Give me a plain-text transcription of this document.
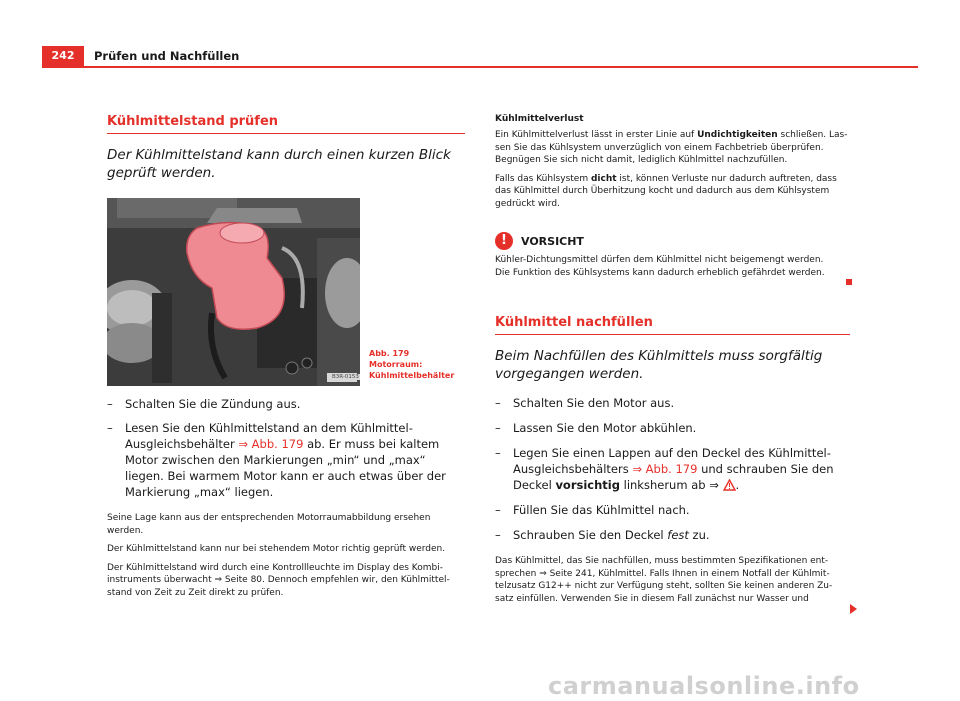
242	Prüfen und Nachfüllen
Kühlmittelstand prüfen

Der Kühlmittelstand kann durch einen kurzen Blick geprüft werden.

Abb. 179 Motorraum:
Kühlmittelbehälter
B3R-0153

– Schalten Sie die Zündung aus.

– Lesen Sie den Kühlmittelstand an dem Kühlmittel-Ausgleichsbehälter ⇒ Abb. 179 ab. Er muss bei kaltem Motor zwischen den Markierungen „min“ und „max“ liegen. Bei warmem Motor kann er auch etwas über der Markierung „max“ liegen.

Seine Lage kann aus der entsprechenden Motorraumabbildung ersehen werden.

Der Kühlmittelstand kann nur bei stehendem Motor richtig geprüft werden.

Der Kühlmittelstand wird durch eine Kontrollleuchte im Display des Kombiinstruments überwacht ⇒ Seite 80. Dennoch empfehlen wir, den Kühlmittelstand von Zeit zu Zeit direkt zu prüfen.

Kühlmittelverlust

Ein Kühlmittelverlust lässt in erster Linie auf Undichtigkeiten schließen. Lassen Sie das Kühlsystem unverzüglich von einem Fachbetrieb überprüfen. Begnügen Sie sich nicht damit, lediglich Kühlmittel nachzufüllen.

Falls das Kühlsystem dicht ist, können Verluste nur dadurch auftreten, dass das Kühlmittel durch Überhitzung kocht und dadurch aus dem Kühlsystem gedrückt wird.

!	VORSICHT

Kühler-Dichtungsmittel dürfen dem Kühlmittel nicht beigemengt werden. Die Funktion des Kühlsystems kann dadurch erheblich gefährdet werden.

Kühlmittel nachfüllen

Beim Nachfüllen des Kühlmittels muss sorgfältig vorgegangen werden.

– Schalten Sie den Motor aus.

– Lassen Sie den Motor abkühlen.

– Legen Sie einen Lappen auf den Deckel des Kühlmittel-Ausgleichsbehälters ⇒ Abb. 179 und schrauben Sie den Deckel vorsichtig linksherum ab ⇒ .

– Füllen Sie das Kühlmittel nach.

– Schrauben Sie den Deckel fest zu.

Das Kühlmittel, das Sie nachfüllen, muss bestimmten Spezifikationen entsprechen ⇒ Seite 241, Kühlmittel. Falls Ihnen in einem Notfall der Kühlmittelzusatz G12++ nicht zur Verfügung steht, sollten Sie keinen anderen Zusatz einfüllen. Verwenden Sie in diesem Fall zunächst nur Wasser und

carmanualsonline.info
